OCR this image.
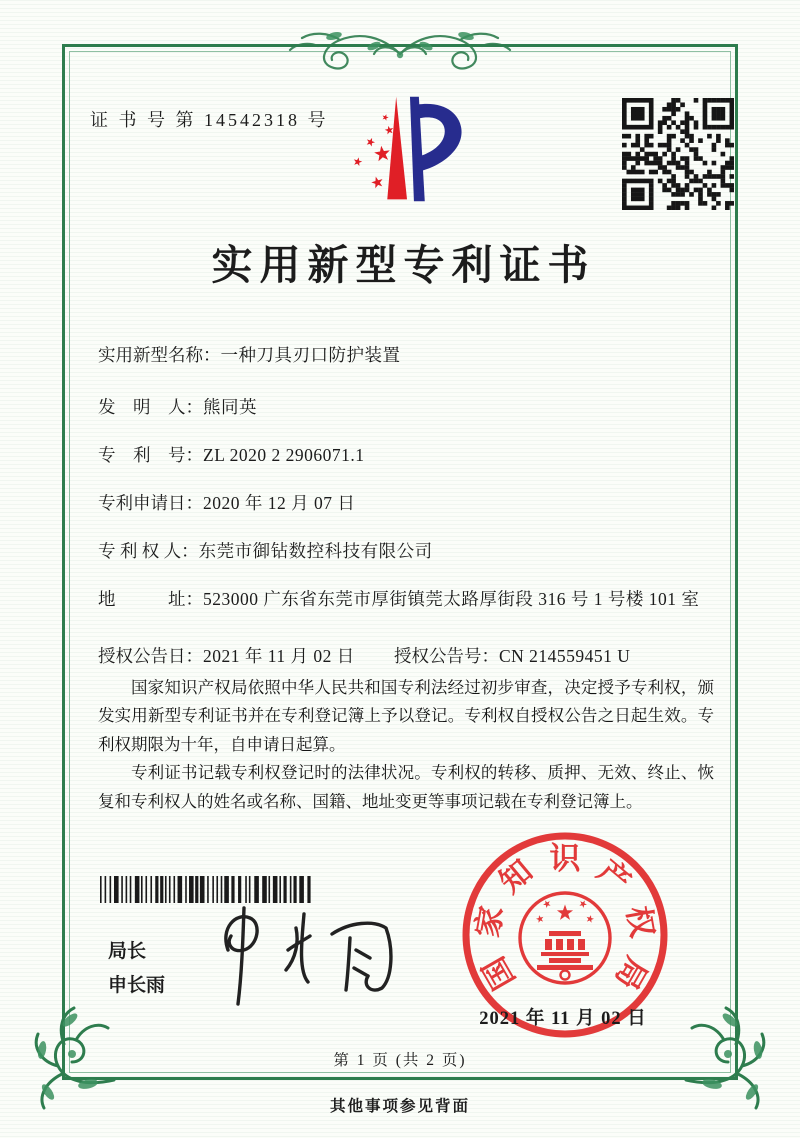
证 书 号 第 14542318 号
实用新型专利证书
实用新型名称： 一种刀具刃口防护装置
发　明　人： 熊同英
专　利　号： ZL 2020 2 2906071.1
专利申请日： 2020 年 12 月 07 日
专 利 权 人： 东莞市御钻数控科技有限公司
地　　　址： 523000 广东省东莞市厚街镇莞太路厚街段 316 号 1 号楼 101 室
授权公告日： 2021 年 11 月 02 日 授权公告号： CN 214559451 U

国家知识产权局依照中华人民共和国专利法经过初步审查，决定授予专利权，颁发实用新型专利证书并在专利登记簿上予以登记。专利权自授权公告之日起生效。专利权期限为十年，自申请日起算。

专利证书记载专利权登记时的法律状况。专利权的转移、质押、无效、终止、恢复和专利权人的姓名或名称、国籍、地址变更等事项记载在专利登记簿上。

局长
申长雨	国
家
知 识 产
权
局
2021 年 11 月 02 日
第 1 页 (共 2 页)
其他事项参见背面
